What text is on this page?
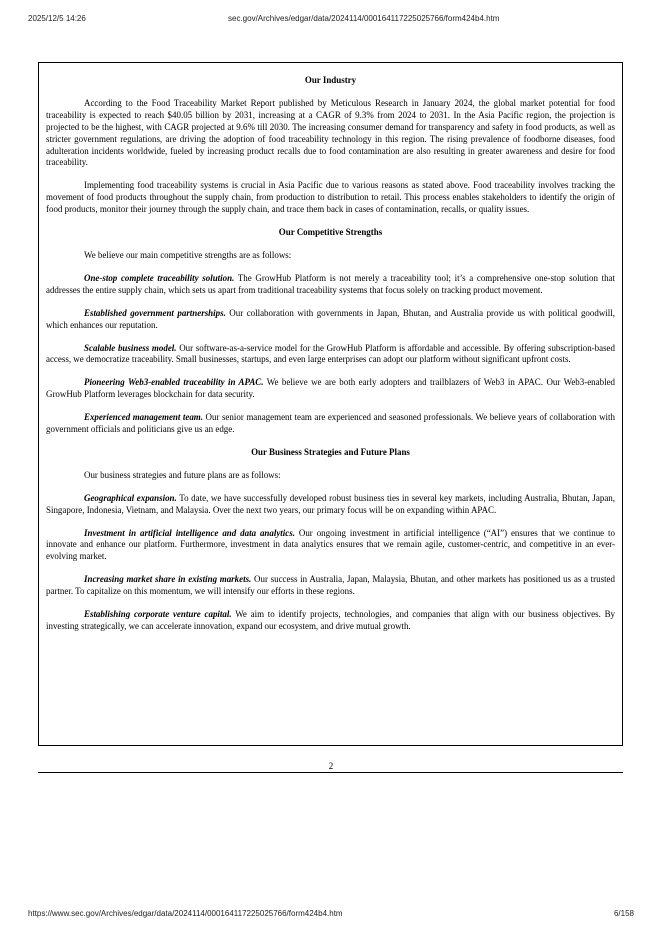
2025/12/5 14:26	sec.gov/Archives/edgar/data/2024114/000164117225025766/form424b4.htm
Our Industry

According to the Food Traceability Market Report published by Meticulous Research in January 2024, the global market potential for food traceability is expected to reach $40.05 billion by 2031, increasing at a CAGR of 9.3% from 2024 to 2031. In the Asia Pacific region, the projection is projected to be the highest, with CAGR projected at 9.6% till 2030. The increasing consumer demand for transparency and safety in food products, as well as stricter government regulations, are driving the adoption of food traceability technology in this region. The rising prevalence of foodborne diseases, food adulteration incidents worldwide, fueled by increasing product recalls due to food contamination are also resulting in greater awareness and desire for food traceability.

Implementing food traceability systems is crucial in Asia Pacific due to various reasons as stated above. Food traceability involves tracking the movement of food products throughout the supply chain, from production to distribution to retail. This process enables stakeholders to identify the origin of food products, monitor their journey through the supply chain, and trace them back in cases of contamination, recalls, or quality issues.

Our Competitive Strengths

We believe our main competitive strengths are as follows:

One-stop complete traceability solution. The GrowHub Platform is not merely a traceability tool; it’s a comprehensive one-stop solution that addresses the entire supply chain, which sets us apart from traditional traceability systems that focus solely on tracking product movement.

Established government partnerships. Our collaboration with governments in Japan, Bhutan, and Australia provide us with political goodwill, which enhances our reputation.

Scalable business model. Our software-as-a-service model for the GrowHub Platform is affordable and accessible. By offering subscription-based access, we democratize traceability. Small businesses, startups, and even large enterprises can adopt our platform without significant upfront costs.

Pioneering Web3-enabled traceability in APAC. We believe we are both early adopters and trailblazers of Web3 in APAC. Our Web3-enabled GrowHub Platform leverages blockchain for data security.

Experienced management team. Our senior management team are experienced and seasoned professionals. We believe years of collaboration with government officials and politicians give us an edge.

Our Business Strategies and Future Plans

Our business strategies and future plans are as follows:

Geographical expansion. To date, we have successfully developed robust business ties in several key markets, including Australia, Bhutan, Japan, Singapore, Indonesia, Vietnam, and Malaysia. Over the next two years, our primary focus will be on expanding within APAC.

Investment in artificial intelligence and data analytics. Our ongoing investment in artificial intelligence (“AI”) ensures that we continue to innovate and enhance our platform. Furthermore, investment in data analytics ensures that we remain agile, customer-centric, and competitive in an ever-evolving market.

Increasing market share in existing markets. Our success in Australia, Japan, Malaysia, Bhutan, and other markets has positioned us as a trusted partner. To capitalize on this momentum, we will intensify our efforts in these regions.

Establishing corporate venture capital. We aim to identify projects, technologies, and companies that align with our business objectives. By investing strategically, we can accelerate innovation, expand our ecosystem, and drive mutual growth.

2
https://www.sec.gov/Archives/edgar/data/2024114/000164117225025766/form424b4.htm	6/158
